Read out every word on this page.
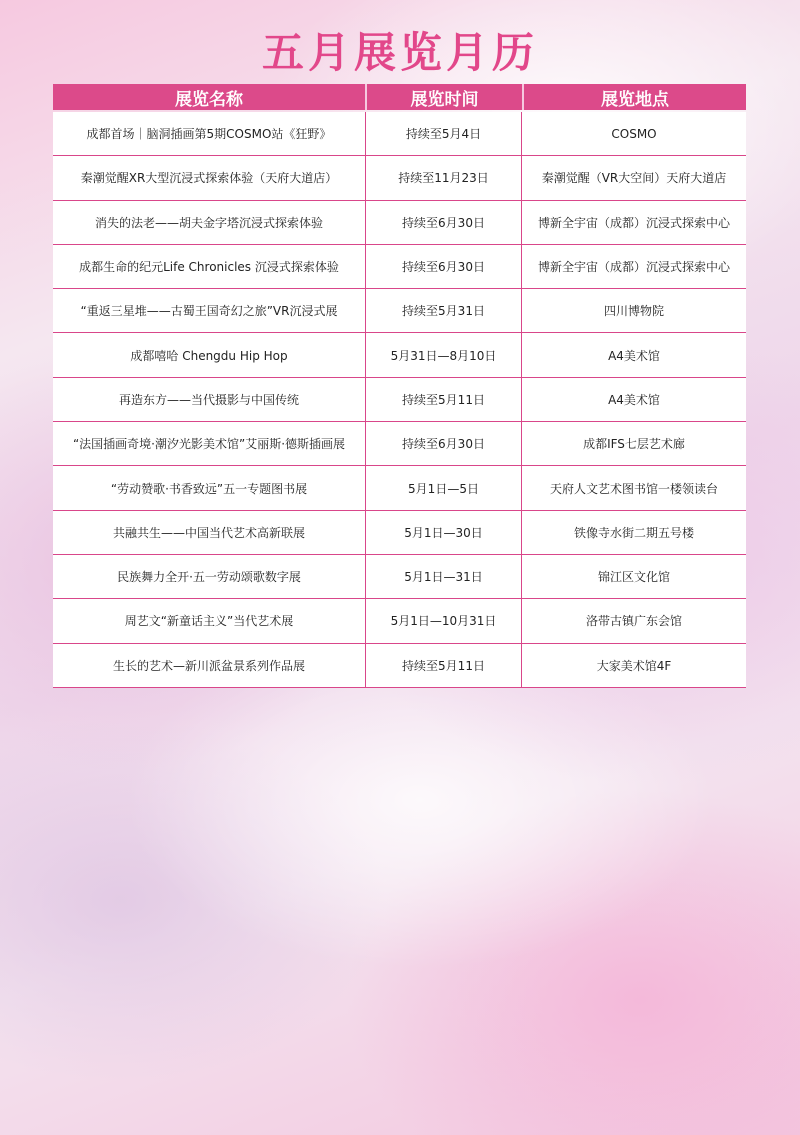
五月展览月历
展览名称	展览时间	展览地点
成都首场｜脑洞插画第5期COSMO站《狂野》	持续至5月4日	COSMO
秦潮觉醒XR大型沉浸式探索体验（天府大道店）	持续至11月23日	秦潮觉醒（VR大空间）天府大道店
消失的法老——胡夫金字塔沉浸式探索体验	持续至6月30日	博新全宇宙（成都）沉浸式探索中心
成都生命的纪元Life Chronicles 沉浸式探索体验	持续至6月30日	博新全宇宙（成都）沉浸式探索中心
“重返三星堆——古蜀王国奇幻之旅”VR沉浸式展	持续至5月31日	四川博物院
成都嘻哈 Chengdu Hip Hop	5月31日—8月10日	A4美术馆
再造东方——当代摄影与中国传统	持续至5月11日	A4美术馆
“法国插画奇境·潮汐光影美术馆”艾丽斯·德斯插画展	持续至6月30日	成都IFS七层艺术廊
“劳动赞歌·书香致远”五一专题图书展	5月1日—5日	天府人文艺术图书馆一楼领读台
共融共生——中国当代艺术高新联展	5月1日—30日	铁像寺水街二期五号楼
民族舞力全开·五一劳动颂歌数字展	5月1日—31日	锦江区文化馆
周艺文“新童话主义”当代艺术展	5月1日—10月31日	洛带古镇广东会馆
生长的艺术—新川派盆景系列作品展	持续至5月11日	大家美术馆4F
